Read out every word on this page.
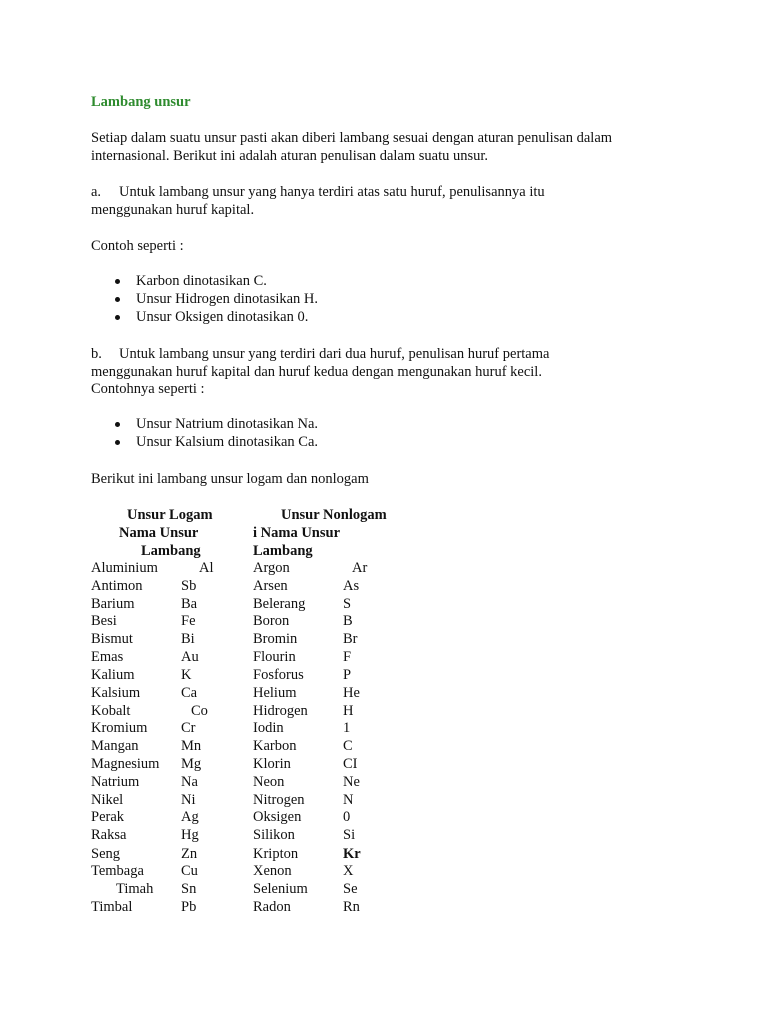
Lambang unsur
Setiap dalam suatu unsur pasti akan diberi lambang sesuai dengan aturan penulisan dalam
internasional. Berikut ini adalah aturan penulisan dalam suatu unsur.
a. Untuk lambang unsur yang hanya terdiri atas satu huruf, penulisannya itu
menggunakan huruf kapital.
Contoh seperti :
Karbon dinotasikan C.
Unsur Hidrogen dinotasikan H.
Unsur Oksigen dinotasikan 0.
b. Untuk lambang unsur yang terdiri dari dua huruf, penulisan huruf pertama
menggunakan huruf kapital dan huruf kedua dengan mengunakan huruf kecil.
Contohnya seperti :
Unsur Natrium dinotasikan Na.
Unsur Kalsium dinotasikan Ca.
Berikut ini lambang unsur logam dan nonlogam
Unsur Logam
Nama Unsur
Lambang
Unsur Nonlogam
i Nama Unsur
Lambang
Aluminium	Al	Argon	Ar
Antimon	Sb	Arsen	As
Barium	Ba	Belerang	S
Besi	Fe	Boron	B
Bismut	Bi	Bromin	Br
Emas	Au	Flourin	F
Kalium	K	Fosforus	P
Kalsium	Ca	Helium	He
Kobalt	Co	Hidrogen H
Kromium Cr	Iodin	1
Mangan	Mn	Karbon	C
Magnesium Mg	Klorin	CI
Natrium	Na	Neon	Ne
Nikel	Ni	Nitrogen	N
Perak	Ag	Oksigen	0
Raksa	Hg	Silikon	Si
Seng	Zn	Kripton	Kr
Tembaga	Cu	Xenon	X
Timah Sn	Selenium Se
Timbal	Pb	Radon	Rn
